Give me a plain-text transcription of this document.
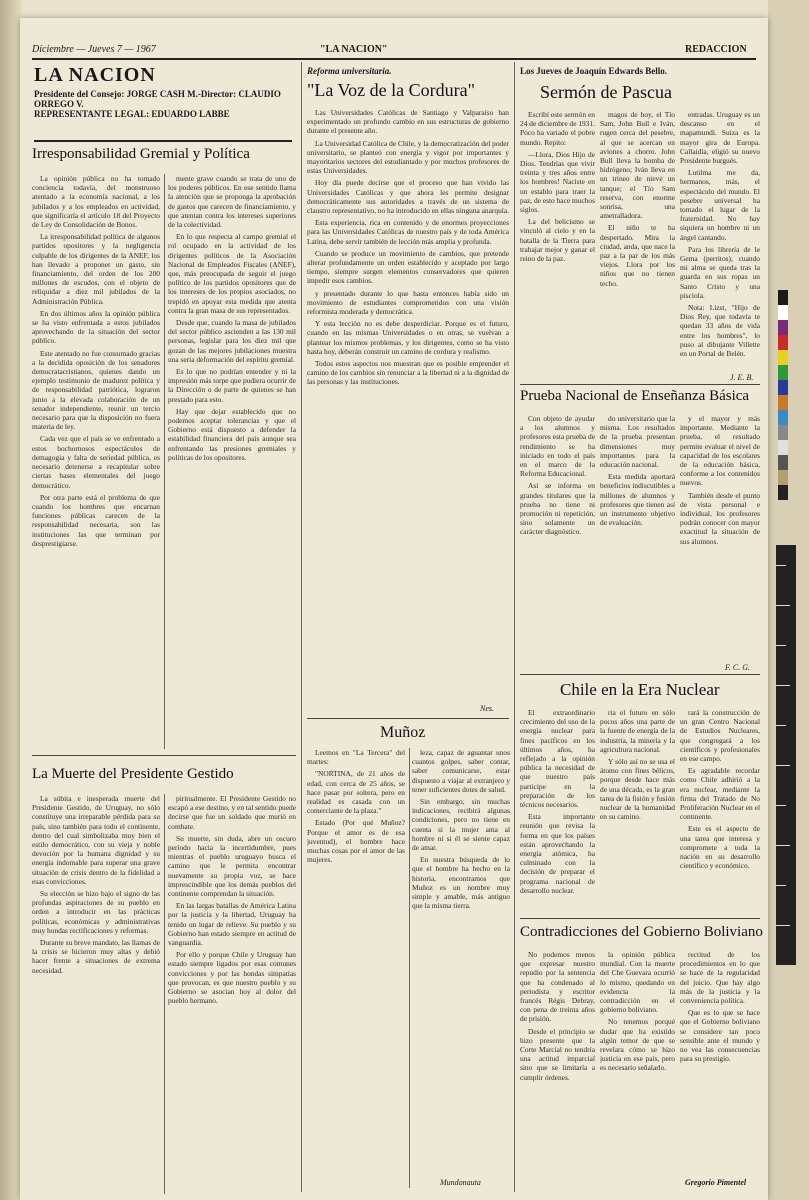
Diciembre — Jueves 7 — 1967	"LA NACION"	REDACCION
LA NACION
Presidente del Consejo: JORGE CASH M.-Director: CLAUDIO ORREGO V.
REPRESENTANTE LEGAL: EDUARDO LABBE
Irresponsabilidad Gremial y Política

La opinión pública no ha tomado conciencia todavía, del monstruoso atentado a la economía nacional, a los jubilados y a los empleados en actividad, que significaría el artículo 18 del Proyecto de Ley de Consolidación de Bonos.

La irresponsabilidad política de algunos partidos opositores y la negligencia culpable de los dirigentes de la ANEF, los han llevado a proponer un gasto, sin financiamiento, del orden de los 200 millones de escudos, con el objeto de reliquidar a diez mil jubilados de la Administración Pública.

En dos últimos años la opinión pública se ha visto enfrentada a estos jubilados aprovechando de la situación del sector público.

Este atentado no fue consumado gracias a la decidida oposición de los senadores democratacristianos, quienes dando un ejemplo testimonio de madurez política y de responsabilidad patriótica, lograron junto a la elevada colaboración de un senador independiente, reunir un tercio necesario para que la disposición no fuera materia de ley.

Cada vez que el país se ve enfrentado a estos bochornosos espectáculos de demagogia y falta de seriedad pública, es necesario detenerse a recapitular sobre ciertas bases elementales del juego democrático.

Por otra parte está el problema de que cuando los hombres que encarnan funciones públicas carecen de la responsabilidad necesaria, son las instituciones las que terminan por desprestigiarse.

mente grave cuando se trata de uno de los poderes públicos. En ese sentido llama la atención que se proponga la aprobación de gastos que carecen de financiamiento, y que atentan contra los intereses superiores de la colectividad.

En lo que respecta al campo gremial el rol ocupado en la actividad de los dirigentes políticos de la Asociación Nacional de Empleados Fiscales (ANEF), que, más preocupada de seguir el juego político de los partidos opositores que de los intereses de los propios asociados, no trepidó en apoyar esta medida que atenta contra la gran masa de sus representados.

Desde que, cuando la masa de jubilados del sector público ascienden a las 130 mil personas, legislar para los diez mil que gozan de las mejores jubilaciones muestra una seria deformación del espíritu gremial.

Es lo que no podrían entender y ni la impresión más torpe que pudiera ocurrir de la Dirección o de parte de quienes se han prestado para esto.

Hay que dejar establecido que no podemos aceptar tolerancias y que el Gobierno está dispuesto a defender la estabilidad financiera del país aunque sea enfrentando las presiones gremiales y políticas de los opositores.

La Muerte del Presidente Gestido

La súbita e inesperada muerte del Presidente Gestido, de Uruguay, no sólo constituye una irreparable pérdida para su país, sino también para todo el continente, dentro del cual simbolizaba muy bien el estilo democrático, con su vieja y noble devoción por la humana dignidad y su energía indomable para superar una grave situación de crisis dentro de la fidelidad a esas convicciones.

Su elección se hizo bajo el signo de las profundas aspiraciones de su pueblo en orden a introducir en las prácticas políticas, económicas y administrativas muy hondas rectificaciones y reformas.

Durante su breve mandato, las llamas de la crisis se hicieron muy altas y debió hacer frente a situaciones de extrema necesidad.

piritualmente. El Presidente Gestido no escapó a ese destino, y en tal sentido puede decirse que fue un soldado que murió en combate.

Su muerte, sin duda, abre un oscuro período hacia la incertidumbre, pues mientras el pueblo uruguayo busca el camino que le permita encontrar nuevamente su propia voz, se hace imprescindible que los demás pueblos del continente comprendan la situación.

En las largas batallas de América Latina por la justicia y la libertad, Uruguay ha tenido un lugar de relieve. Su pueblo y su Gobierno han estado siempre en actitud de vanguardia.

Por ello y porque Chile y Uruguay han estado siempre ligados por esas comunes convicciones y por las hondas simpatías que provocan, es que nuestro pueblo y su Gobierno se asocian hoy al dolor del pueblo hermano.

Reforma universitaria.
"La Voz de la Cordura"

Las Universidades Católicas de Santiago y Valparaíso han experimentado un profundo cambio en sus estructuras de gobierno durante el presente año.

La Universidad Católica de Chile, y la democratización del poder universitario, se planteó con energía y vigor por importantes y mayoritarios sectores del estudiantado y por muchos profesores de estas Universidades.

Hoy día puede decirse que el proceso que han vivido las Universidades Católicas y que ahora les permite designar democráticamente sus autoridades a través de un sistema de claustro representativo, no ha introducido en ellas ninguna anarquía.

Esta experiencia, rica en contenido y de enormes proyecciones para las Universidades Católicas de nuestro país y de toda América Latina, debe servir también de lección más amplia y profunda.

Cuando se produce un movimiento de cambios, que pretende alterar profundamente un orden establecido y aceptado por largo tiempo, siempre surgen elementos conservadores que quieren impedir esos cambios.

y presentado durante lo que hasta entonces había sido un movimiento de estudiantes comprometidos con una visión reformista moderada y democrática.

Y esta lección no es debe desperdiciar. Porque es el futuro, cuando en las mismas Universidades o en otras, se vuelvan a plantear los mismos problemas, y los dirigentes, como se ha visto hasta hoy, deberán construir un camino de cordura y realismo.

Todos estos aspectos nos muestran que es posible emprender el camino de los cambios sin renunciar a la libertad ni a la dignidad de las personas y las instituciones.

Nes.
Muñoz

Leemos en "La Tercera" del martes:

"NORTINA, de 21 años de edad, con cerca de 25 años, se hace pasar por soltera, pero en realidad es casada con un comerciante de la plaza."

Estado (Por qué Muñoz? Porque el amor es de esa juventud), el hombre hace muchas cosas por el amor de las mujeres.

leza, capaz de aguantar unos cuantos golpes, saber contar, saber comunicarse, estar dispuesto a viajar al extranjero y tener suficientes dotes de salud.

Sin embargo, sin muchas indicaciones, recibirá algunas condiciones, pero no tiene en cuenta si la mujer ama al hombre ni si él se siente capaz de amar.

En nuestra búsqueda de lo que el hombre ha hecho en la historia, encontramos que Muñoz es un nombre muy simple y amable, más antiguo que la misma tierra.

Mundonauta
Los Jueves de Joaquín Edwards Bello.
Sermón de Pascua

Escribí este sermón en 24 de diciembre de 1931. Poco ha variado el pobre mundo. Repito:

—Llora, Dios Hijo de Dios. Tendrías que vivir treinta y tres años entre los hombres! Naciste en un establo para traer la paz, de esto hace muchos siglos.

La del belicismo se vinculó al cielo y en la batalla de la Tierra para trabajar mejor y ganar el reino de la paz.

magos de hoy, el Tío Sam, John Bull e Iván, rugen cerca del pesebre, al que se acercan en aviones a chorro. John Bull lleva la bomba de hidrógeno; Iván lleva en un trineo de nieve un tanque; el Tío Sam reserva, con enorme sonrisa, una ametralladora.

El niño te ha despertado. Mira la ciudad, anda, que nace la paz a la par de los más viejos. Llora por los niños que no tienen techo.

entradas. Uruguay es un descanso en el mapamundi. Suiza es la mayor gira de Europa. Callaidía, eligió su nuevo Presidente burgués.

Lutilma me da, hermanos, más, el espectáculo del mundo. El pesebre universal ha tomado el lugar de la fraternidad. No hay siquiera un hombre ni un ángel cantando.

Para los librería de le Gema (perritos), cuando mi alma se queda tras la guarda en sus ropas un Santo Cristo y una pisciola.

Nota: Lizst, "Hijo de Dios Rey, que todavía te quedan 33 años de vida entre los hombres", lo puso al dibujante Villette en un Portal de Belén.

J. E. B.
Prueba Nacional de Enseñanza Básica

Con objeto de ayudar a los alumnos y profesores esta prueba de rendimiento se ha iniciado en todo el país en el marco de la Reforma Educacional.

Así se informa en grandes titulares que la prueba no tiene ni promoción ni repetición, sino solamente un carácter diagnóstico.

do universitario que la misma. Los resultados de la prueba presentan dimensiones muy importantes para la educación nacional.

Esta medida aportará beneficios indiscutibles a millones de alumnos y profesores que tienen así un instrumento objetivo de evaluación.

y el mayor y más importante. Mediante la prueba, el resultado permite evaluar el nivel de capacidad de los escolares de la educación básica, conforme a los contenidos nuevos.

También desde el punto de vista personal e individual, los profesores podrán conocer con mayor exactitud la situación de sus alumnos.

F. C. G.
Chile en la Era Nuclear

El extraordinario crecimiento del uso de la energía nuclear para fines pacíficos en los últimos años, ha reflejado a la opinión pública la necesidad de que nuestro país participe en la preparación de los técnicos necesarios.

Esta importante reunión que revisa la forma en que los países están aprovechando la energía atómica, ha culminado con la decisión de preparar el programa nacional de desarrollo nuclear.

ria el futuro en sólo pocos años una parte de la fuente de energía de la industria, la minería y la agricultura nacional.

Y sólo así no se usa el átomo con fines bélicos, porque desde hace más de una década, es la gran tarea de la fisión y fusión nuclear de la humanidad en su camino.

rará la construcción de un gran Centro Nacional de Estudios Nucleares, que congregará a los científicos y profesionales en ese campo.

Es agradable recordar como Chile adhirió a la era nuclear, mediante la firma del Tratado de No Proliferación Nuclear en el continente.

Este es el aspecto de una tarea que interesa y compromete a toda la nación en su desarrollo científico y económico.

Contradicciones del Gobierno Boliviano

No podemos menos que expresar nuestro repudio por la sentencia que ha condenado al periodista y escritor francés Régis Debray, con pena de treinta años de prisión.

Desde el principio se hizo presente que la Corte Marcial no tendría una actitud imparcial sino que se limitaría a cumplir órdenes.

la opinión pública mundial. Con la muerte del Che Guevara ocurrió lo mismo, quedando en evidencia la contradicción en el gobierno boliviano.

No tenemos porqué dudar que ha existido algún temor de que se revelara cómo se hizo justicia en ese país, pero es necesario señalarlo.

rectitud de los procedimientos en lo que se hace de la regularidad del juicio. Que hay algo más de la justicia y la conveniencia política.

Que es lo que se hace que el Gobierno boliviano se considere tan poco sensible ante el mundo y no vea las consecuencias para su prestigio.

Gregorio Pimentel
